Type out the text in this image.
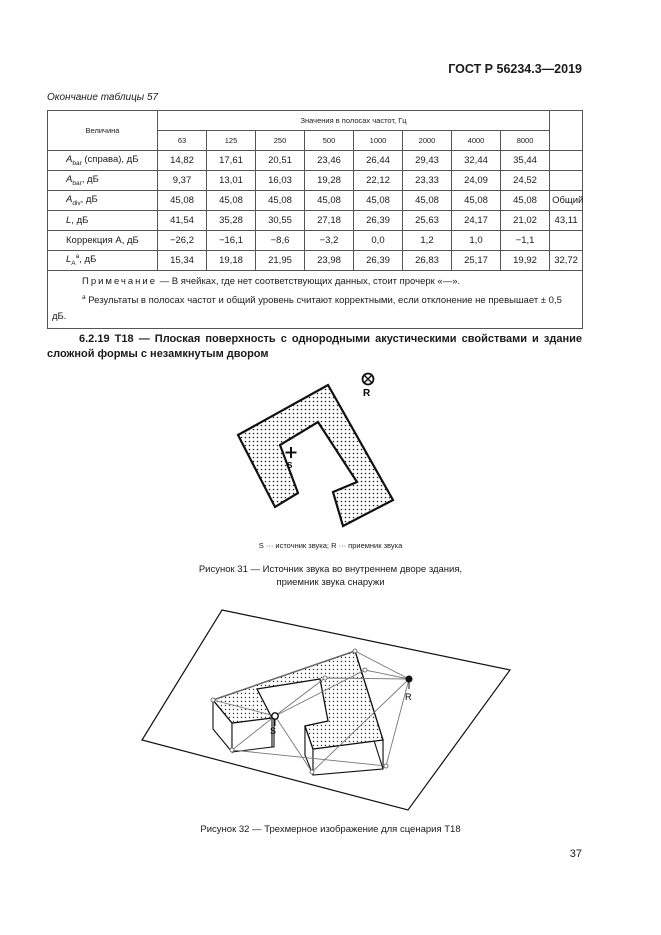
ГОСТ Р 56234.3—2019
Окончание таблицы 57
Величина	Значения в полосах частот, Гц								
	63	125	250	500	1000	2000	4000	8000	
$A_{bar}$ (справа), дБ	14,82	17,61	20,51	23,46	26,44	29,43	32,44	35,44	
$A_{bar}$, дБ	9,37	13,01	16,03	19,28	22,12	23,33	24,09	24,52	
$A_{div}$, дБ	45,08	45,08	45,08	45,08	45,08	45,08	45,08	45,08	Общий
L, дБ	41,54	35,28	30,55	27,18	26,39	25,63	24,17	21,02	43,11
Коррекция А, дБ	−26,2	−16,1	−8,6	−3,2	0,0	1,2	1,0	−1,1	
$L_A^a$, дБ	15,34	19,18	21,95	23,98	26,39	26,83	25,17	19,92	32,72

Примечание — В ячейках, где нет соответствующих данных, стоит прочерк «—».
$^a$ Результаты в полосах частот и общий уровень считают корректными, если отклонение не превышает ± 0,5 дБ.									
6.2.19 Т18 — Плоская поверхность с однородными акустическими свойствами и здание сложной формы с незамкнутым двором
R
S
S ··· источник звука; R ··· приемник звука
Рисунок 31 — Источник звука во внутреннем дворе здания,
приемник звука снаружи
S
R
Рисунок 32 — Трехмерное изображение для сценария Т18
37
